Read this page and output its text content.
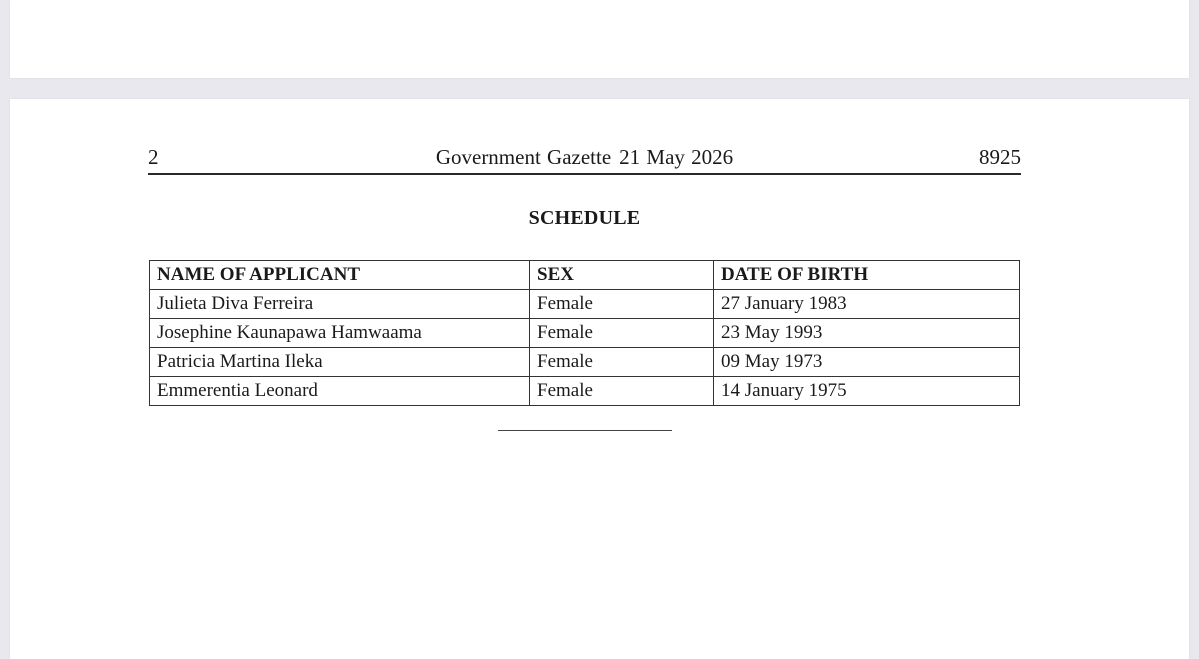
2	Government Gazette 21 May 2026	8925
SCHEDULE
NAME OF APPLICANT	SEX	DATE OF BIRTH
Julieta Diva Ferreira	Female	27 January 1983
Josephine Kaunapawa Hamwaama	Female	23 May 1993
Patricia Martina Ileka	Female	09 May 1973
Emmerentia Leonard	Female	14 January 1975
